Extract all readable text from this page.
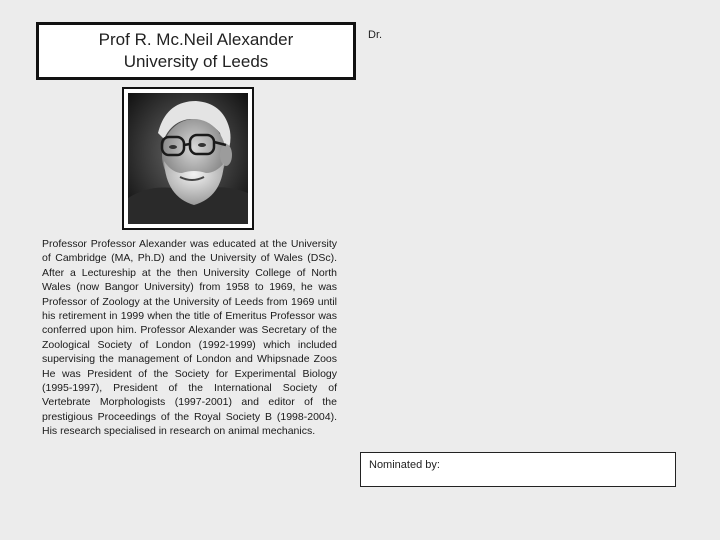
Prof R. Mc.Neil Alexander
University of Leeds
Dr.
Professor Professor Alexander was educated at the University of Cambridge (MA, Ph.D) and the University of Wales (DSc). After a Lectureship at the then University College of North Wales (now Bangor University) from 1958 to 1969, he was Professor of Zoology at the University of Leeds from 1969 until his retirement in 1999 when the title of Emeritus Professor was conferred upon him. Professor Alexander was Secretary of the Zoological Society of London (1992-1999) which included supervising the management of London and Whipsnade Zoos He was President of the Society for Experimental Biology (1995-1997), President of the International Society of Vertebrate Morphologists (1997-2001) and editor of the prestigious Proceedings of the Royal Society B (1998-2004). His research specialised in research on animal mechanics.
Nominated by:
